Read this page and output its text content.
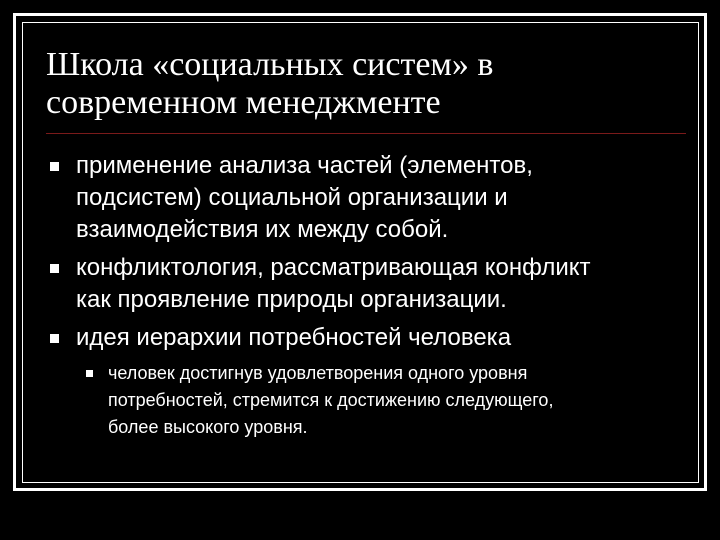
Школа «социальных систем» в
современном менеджменте
применение анализа частей (элементов,
подсистем) социальной организации и
взаимодействия их между собой.
конфликтология, рассматривающая конфликт
как проявление природы организации.
идея иерархии потребностей человека
человек достигнув удовлетворения одного уровня
потребностей, стремится к достижению следующего,
более высокого уровня.
